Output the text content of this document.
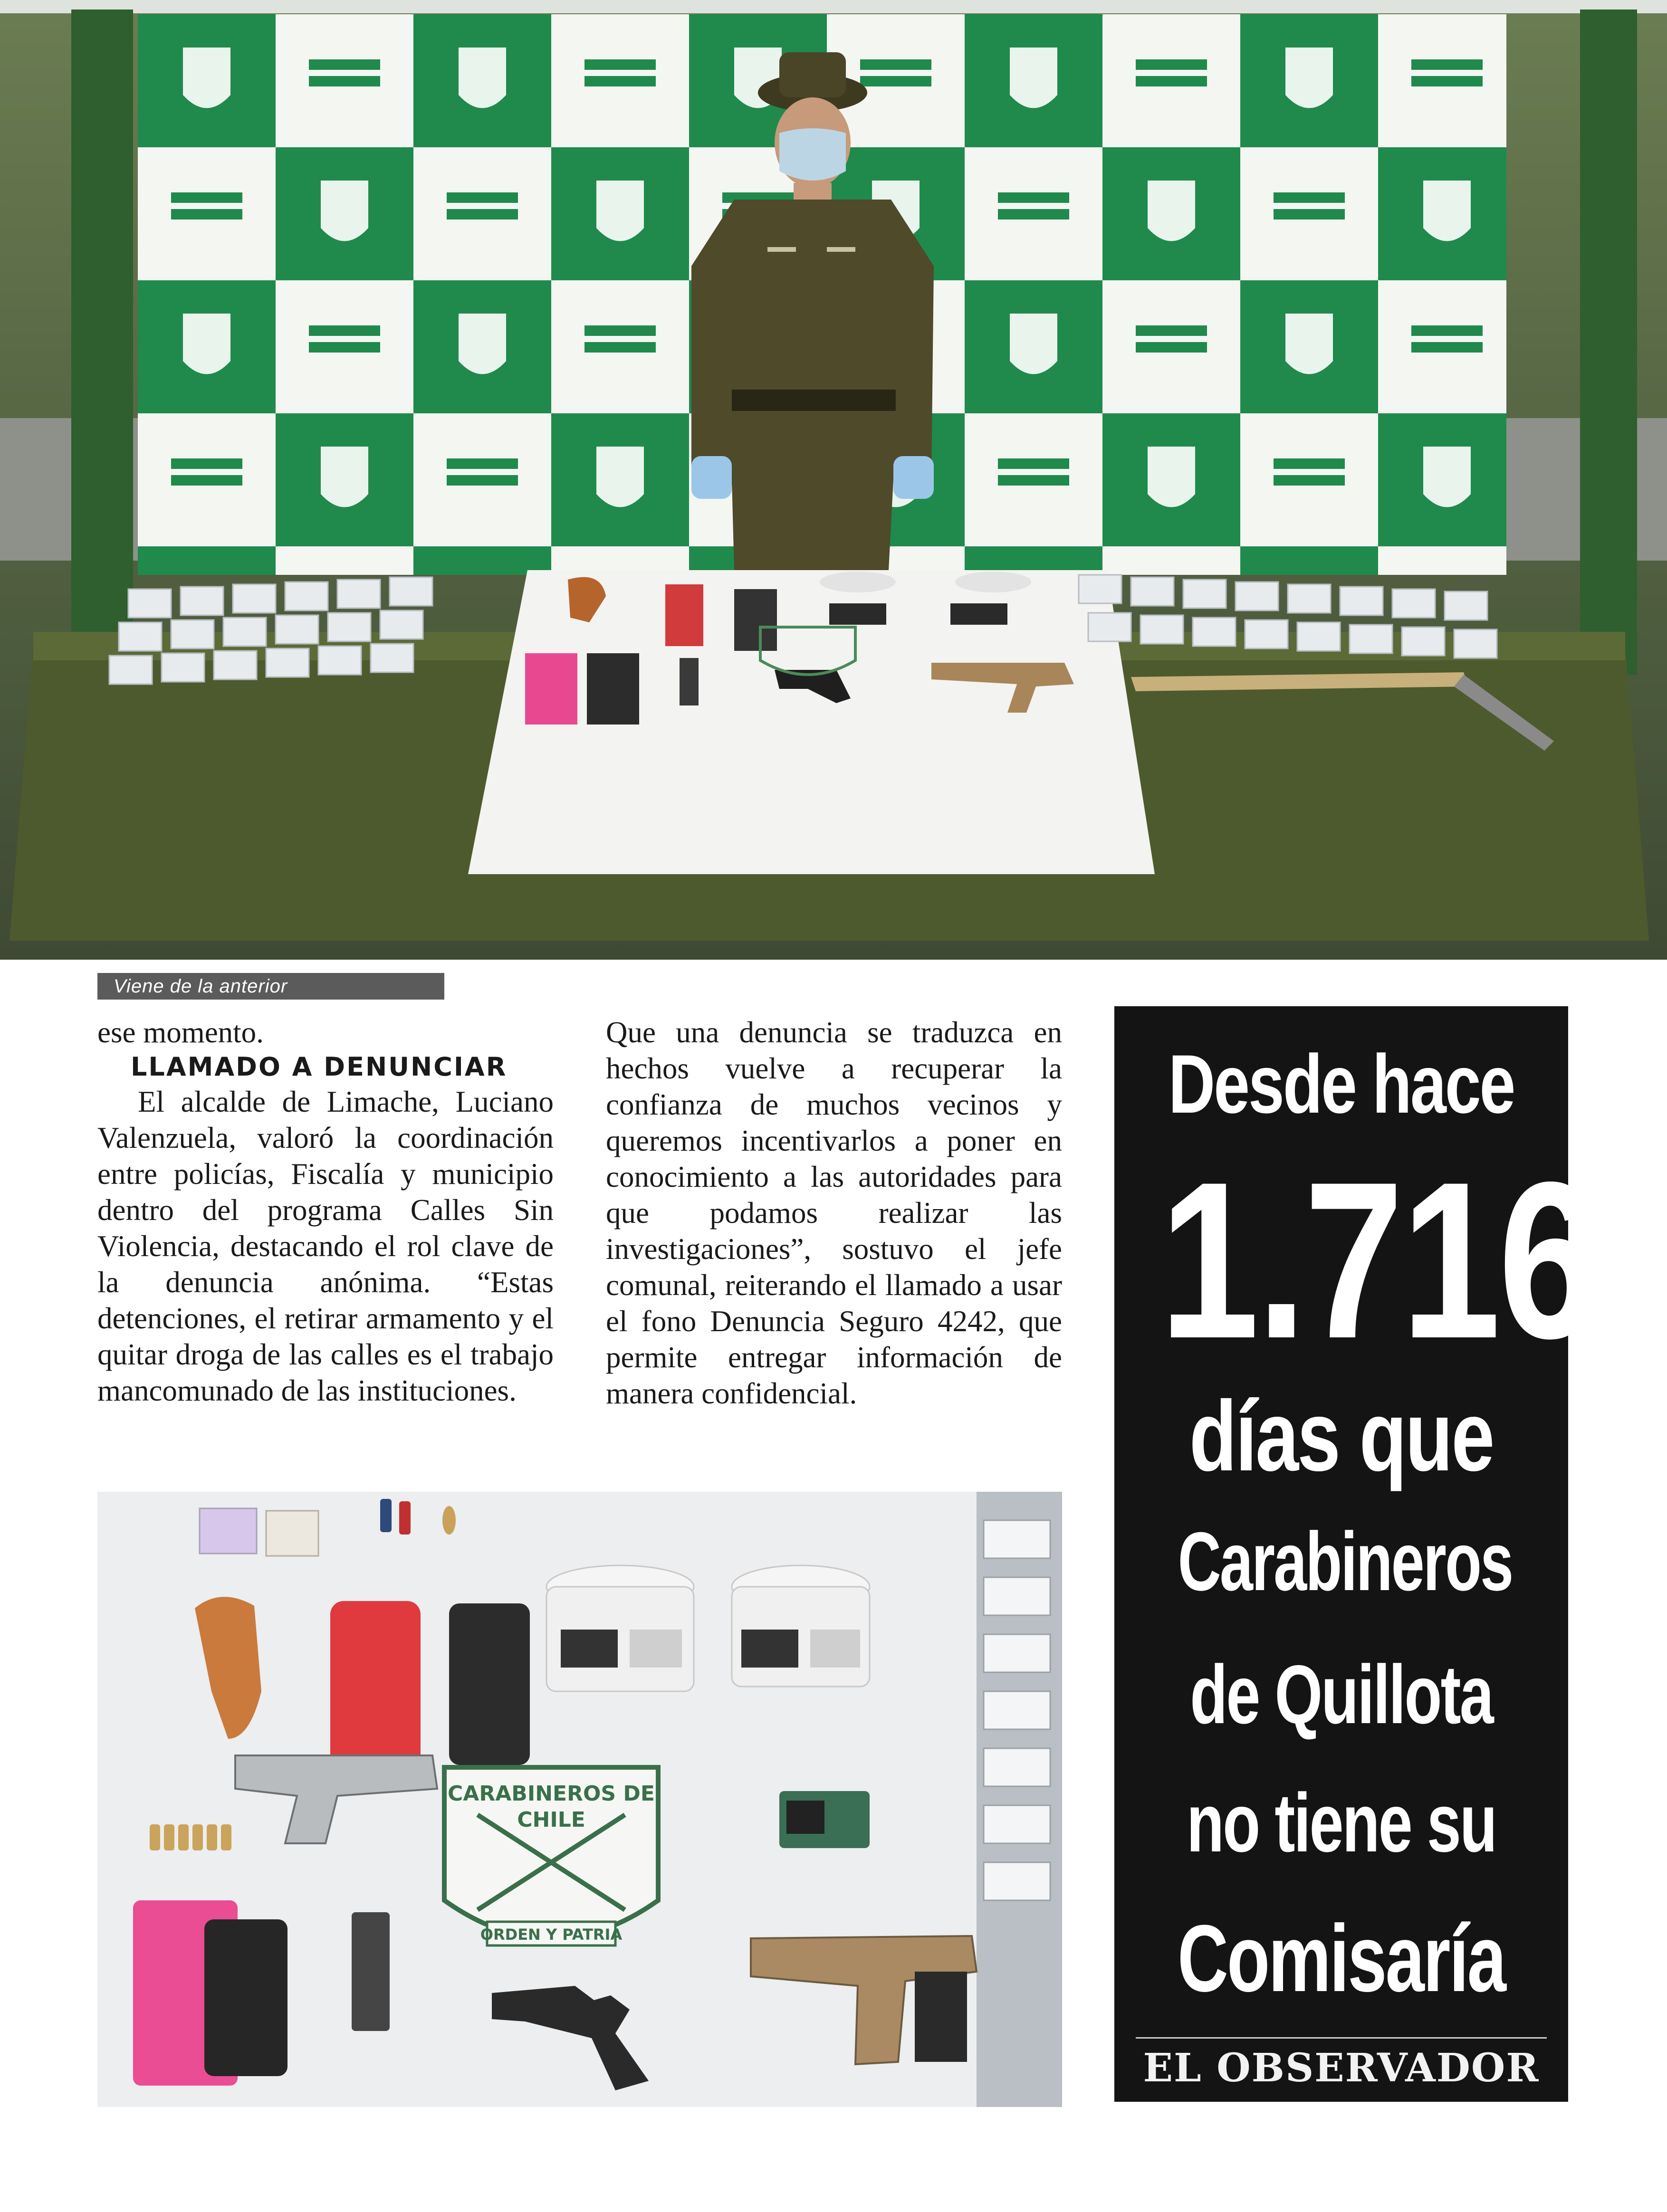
Viene de la anterior

ese momento.

LLAMADO A DENUNCIAR

El alcalde de Limache, Luciano Valenzuela, valoró la coordinación entre policías, Fiscalía y municipio dentro del programa Calles Sin Violencia, destacando el rol clave de la denuncia anónima. “Estas detenciones, el retirar armamento y el quitar droga de las calles es el trabajo mancomunado de las instituciones.

Que una denuncia se traduzca en hechos vuelve a recuperar la confianza de muchos vecinos y queremos incentivarlos a poner en conocimiento a las autoridades para que podamos realizar las investigaciones”, sostuvo el jefe comunal, reiterando el llamado a usar el fono Denuncia Seguro 4242, que permite entregar información de manera confidencial.

Desde hace
1.716
días que
Carabineros
de Quillota
no tiene su
Comisaría
EL OBSERVADOR
CARABINEROS DE
CHILE
ORDEN Y PATRIA
